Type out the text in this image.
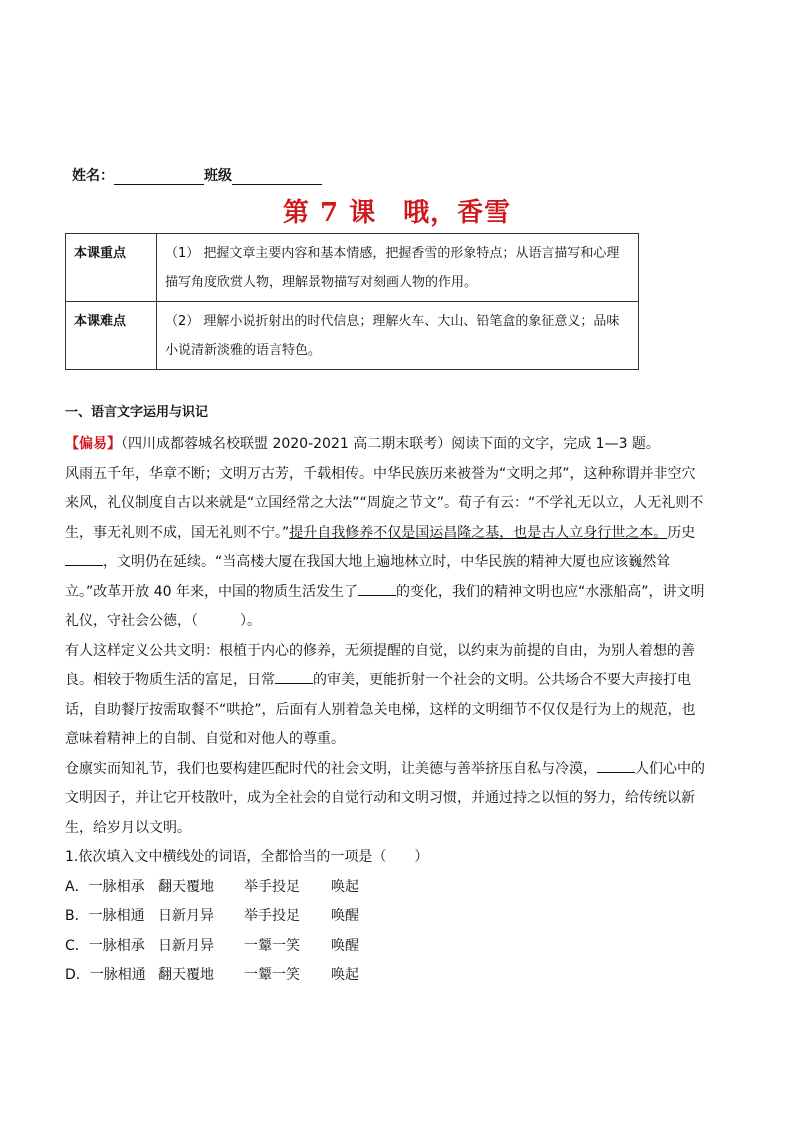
姓名：	班级
第 7 课　哦，香雪
本课重点	（1） 把握文章主要内容和基本情感，把握香雪的形象特点；从语言描写和心理描写角度欣赏人物，理解景物描写对刻画人物的作用。
本课难点	（2） 理解小说折射出的时代信息；理解火车、大山、铅笔盒的象征意义；品味小说清新淡雅的语言特色。
一、语言文字运用与识记

【偏易】（四川成都蓉城名校联盟 2020-2021 高二期末联考）阅读下面的文字，完成 1—3 题。

风雨五千年，华章不断；文明万古芳，千载相传。中华民族历来被誉为“文明之邦”，这种称谓并非空穴来风，礼仪制度自古以来就是“立国经常之大法”“周旋之节文”。荀子有云：“不学礼无以立，人无礼则不生，事无礼则不成，国无礼则不宁。”提升自我修养不仅是国运昌隆之基，也是古人立身行世之本。历史，文明仍在延续。“当高楼大厦在我国大地上遍地林立时，中华民族的精神大厦也应该巍然耸立。”改革开放 40 年来，中国的物质生活发生了	的变化，我们的精神文明也应“水涨船高”，讲文明礼仪，守社会公德，（　　　）。

有人这样定义公共文明：根植于内心的修养，无须提醒的自觉，以约束为前提的自由，为别人着想的善良。相较于物质生活的富足，日常	的审美，更能折射一个社会的文明。公共场合不要大声接打电话，自助餐厅按需取餐不“哄抢”，后面有人别着急关电梯，这样的文明细节不仅仅是行为上的规范，也意味着精神上的自制、自觉和对他人的尊重。

仓廪实而知礼节，我们也要构建匹配时代的社会文明，让美德与善举挤压自私与冷漠，	人们心中的文明因子，并让它开枝散叶，成为全社会的自觉行动和文明习惯，并通过持之以恒的努力，给传统以新生，给岁月以文明。

1.依次填入文中横线处的词语，全都恰当的一项是（　　）

A．一脉相承 翻天覆地	举手投足	唤起
B．一脉相通 日新月异	举手投足	唤醒
C．一脉相承 日新月异	一颦一笑	唤醒
D．一脉相通 翻天覆地	一颦一笑	唤起
